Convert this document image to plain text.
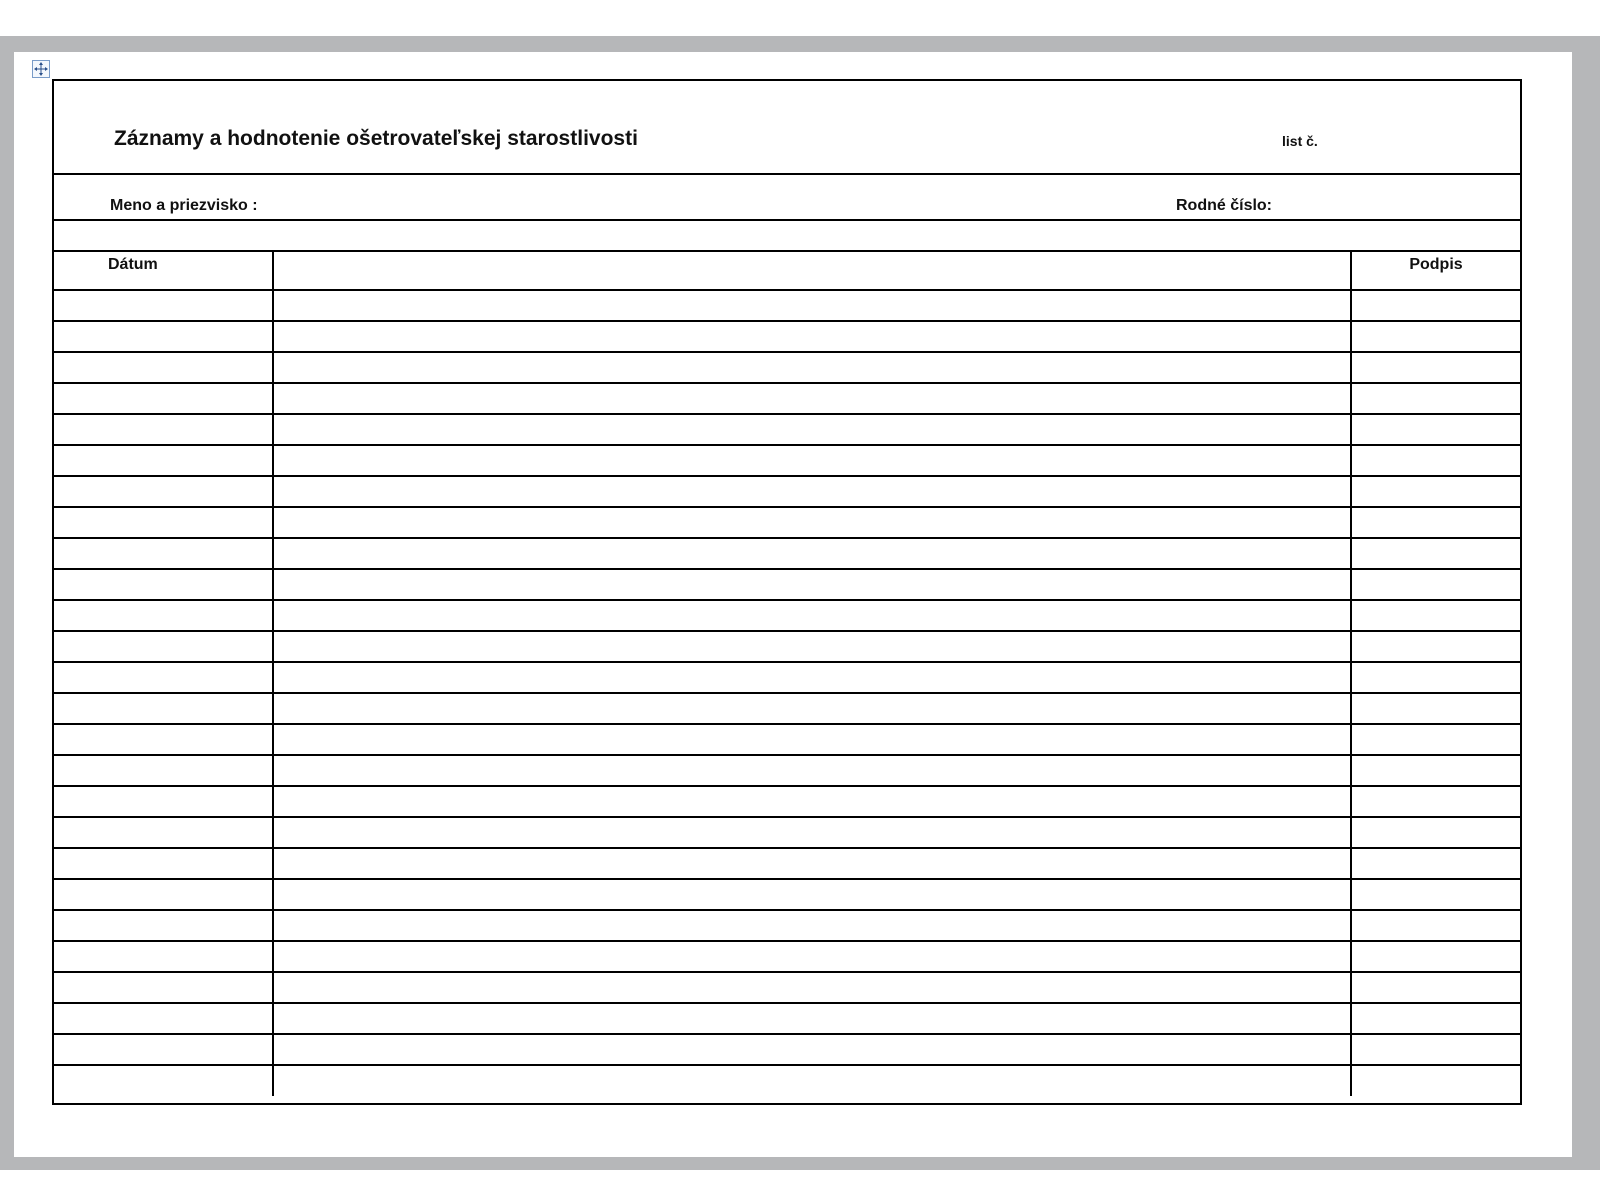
Záznamy a hodnotenie ošetrovateľskej starostlivosti	list č.
Meno a priezvisko :	Rodné číslo:
Dátum		Podpis
